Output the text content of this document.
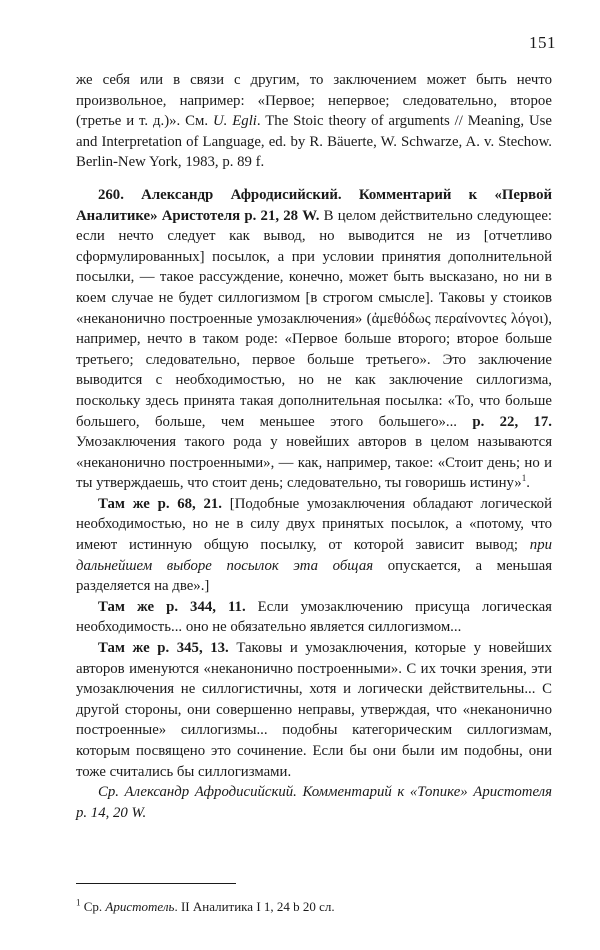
151

же себя или в связи с другим, то заключением может быть нечто произвольное, например: «Первое; непервое; следовательно, второе (третье и т. д.)». См. U. Egli. The Stoic theory of arguments // Meaning, Use and Interpretation of Language, ed. by R. Bäuerte, W. Schwarze, A. v. Stechow. Berlin-New York, 1983, p. 89 f.

260. Александр Афродисийский. Комментарий к «Первой Аналитике» Аристотеля р. 21, 28 W. В целом действительно следующее: если нечто следует как вывод, но выводится не из [отчетливо сформулированных] посылок, а при условии принятия дополнительной посылки, — такое рассуждение, конечно, может быть высказано, но ни в коем случае не будет силлогизмом [в строгом смысле]. Таковы у стоиков «неканонично построенные умозаключения» (ἀμεθόδως περαίνοντες λόγοι), например, нечто в таком роде: «Первое больше второго; второе больше третьего; следовательно, первое больше третьего». Это заключение выводится с необходимостью, но не как заключение силлогизма, поскольку здесь принята такая дополнительная посылка: «То, что больше большего, больше, чем меньшее этого большего»... р. 22, 17. Умозаключения такого рода у новейших авторов в целом называются «неканонично построенными», — как, например, такое: «Стоит день; но и ты утверждаешь, что стоит день; следовательно, ты говоришь истину»$^1$.

Там же р. 68, 21. [Подобные умозаключения обладают логической необходимостью, но не в силу двух принятых посылок, а «потому, что имеют истинную общую посылку, от которой зависит вывод; при дальнейшем выборе посылок эта общая опускается, а меньшая разделяется на две».]

Там же р. 344, 11. Если умозаключению присуща логическая необходимость... оно не обязательно является силлогизмом...

Там же р. 345, 13. Таковы и умозаключения, которые у новейших авторов именуются «неканонично построенными». С их точки зрения, эти умозаключения не силлогистичны, хотя и логически действительны... С другой стороны, они совершенно неправы, утверждая, что «неканонично построенные» силлогизмы... подобны категорическим силлогизмам, которым посвящено это сочинение. Если бы они были им подобны, они тоже считались бы силлогизмами.

Ср. Александр Афродисийский. Комментарий к «Топике» Аристотеля р. 14, 20 W.

$^1$ Ср. Аристотель. II Аналитика I 1, 24 b 20 сл.
